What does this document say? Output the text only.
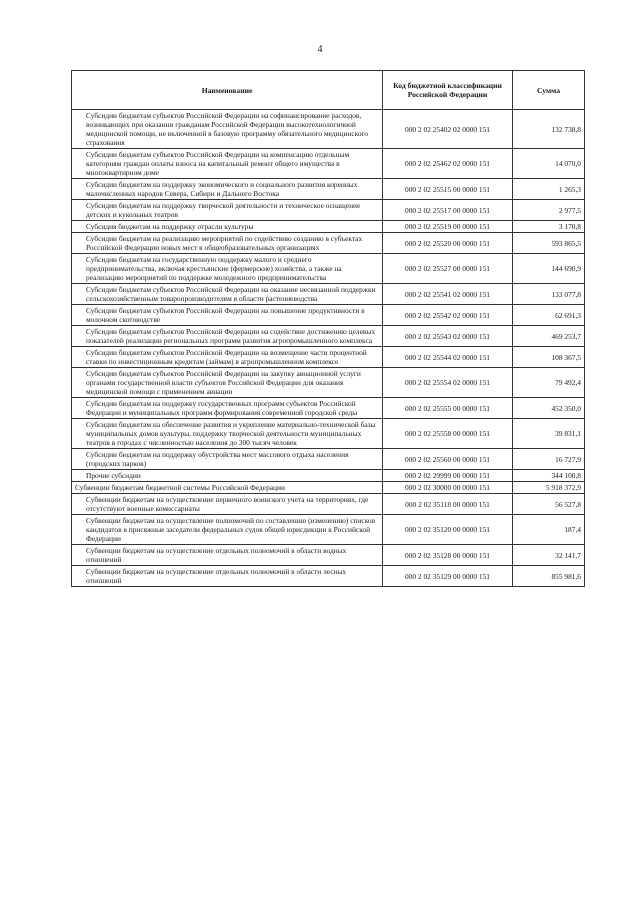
4
Наименование	Код бюджетной классификации Российской Федерации	Сумма
Субсидии бюджетам субъектов Российской Федерации на софинансирование расходов, возникающих при оказании гражданам Российской Федерации высокотехнологичной медицинской помощи, не включенной в базовую программу обязательного медицинского страхования	000 2 02 25402 02 0000 151	132 738,8
Субсидии бюджетам субъектов Российской Федерации на компенсацию отдельным категориям граждан оплаты взноса на капитальный ремонт общего имущества в многоквартирном доме	000 2 02 25462 02 0000 151	14 070,0
Субсидии бюджетам на поддержку экономического и социального развития коренных малочисленных народов Севера, Сибири и Дальнего Востока	000 2 02 25515 00 0000 151	1 265,3
Субсидии бюджетам на поддержку творческой деятельности и техническое оснащение детских и кукольных театров	000 2 02 25517 00 0000 151	2 977,5
Субсидия бюджетам на поддержку отрасли культуры	000 2 02 25519 00 0000 151	3 170,8
Субсидии бюджетам на реализацию мероприятий по содействию созданию в субъектах Российской Федерации новых мест в общеобразовательных организациях	000 2 02 25520 00 0000 151	593 865,5
Субсидии бюджетам на государственную поддержку малого и среднего предпринимательства, включая крестьянские (фермерские) хозяйства, а также на реализацию мероприятий по поддержке молодежного предпринимательства	000 2 02 25527 00 0000 151	144 690,9
Субсидии бюджетам субъектов Российской Федерации на оказание несвязанной поддержки сельскохозяйственным товаропроизводителям в области растениеводства	000 2 02 25541 02 0000 151	133 077,8
Субсидии бюджетам субъектов Российской Федерации на повышение продуктивности в молочном скотоводстве	000 2 02 25542 02 0000 151	62 691,3
Субсидии бюджетам субъектов Российской Федерации на содействие достижению целевых показателей реализации региональных программ развития агропромышленного комплекса	000 2 02 25543 02 0000 151	469 253,7
Субсидии бюджетам субъектов Российской Федерации на возмещение части процентной ставки по инвестиционным кредитам (займам) в агропромышленном комплексе	000 2 02 25544 02 0000 151	108 367,5
Субсидии бюджетам субъектов Российской Федерации на закупку авиационной услуги органами государственной власти субъектов Российской Федерации для оказания медицинской помощи с применением авиации	000 2 02 25554 02 0000 151	79 492,4
Субсидии бюджетам на поддержку государственных программ субъектов Российской Федерации и муниципальных программ формирования современной городской среды	000 2 02 25555 00 0000 151	452 350,0
Субсидии бюджетам на обеспечение развития и укрепление материально-технической базы муниципальных домов культуры, поддержку творческой деятельности муниципальных театров в городах с численностью населения до 300 тысяч человек	000 2 02 25558 00 0000 151	39 831,1
Субсидии бюджетам на поддержку обустройства мест массового отдыха населения (городских парков)	000 2 02 25560 00 0000 151	16 727,9
Прочие субсидии	000 2 02 29999 00 0000 151	344 100,8
Субвенции бюджетам бюджетной системы Российской Федерации	000 2 02 30000 00 0000 151	5 918 372,9
Субвенции бюджетам на осуществление первичного воинского учета на территориях, где отсутствуют военные комиссариаты	000 2 02 35118 00 0000 151	56 527,8
Субвенции бюджетам на осуществление полномочий по составлению (изменению) списков кандидатов в присяжные заседатели федеральных судов общей юрисдикции в Российской Федерации	000 2 02 35120 00 0000 151	187,4
Субвенции бюджетам на осуществление отдельных полномочий в области водных отношений	000 2 02 35128 00 0000 151	32 141,7
Субвенции бюджетам на осуществление отдельных полномочий в области лесных отношений	000 2 02 35129 00 0000 151	855 981,6
